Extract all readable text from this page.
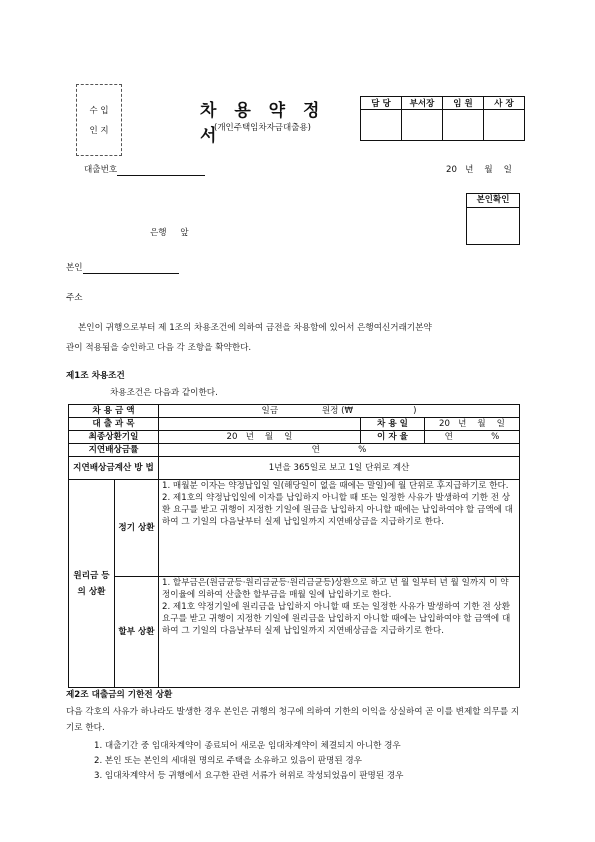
수 입
인 지
차 용 약 정 서
(개인주택임차자금대출용)
담 당	부서장	임 원	사 장

대출번호	20   년    월    일
본인확인
은행     앞
본인
주소
본인이 귀행으로부터 제 1조의 차용조건에 의하여 금전을 차용함에 있어서 은행여신거래기본약
관이 적용됨을 승인하고 다음 각 조항을 확약한다.
제1조 차용조건
차용조건은 다음과 같이한다.
차 용 금 액		일금                원정 (₩                      )		
대 출 과 목			차 용 일	20   년    월    일
최종상환기일		20   년    월    일	이 자 율	연              %
지연배상금률		연              %		
지연배상금계산 방 법		1년을 365일로 보고 1일 단위로 계산		
원리금 등의 상환	정기 상환	1. 매월분 이자는 약정납입일 일(해당일이 없을 때에는 말일)에 월 단위로 후지급하기로 한다.
2. 제1호의 약정납입일에 이자를 납입하지 아니할 때 또는 일정한 사유가 발생하여 기한 전 상환 요구를 받고 귀행이 지정한 기일에 원금을 납입하지 아니할 때에는 납입하여야 할 금액에 대하여 그 기일의 다음날부터 실제 납입일까지 지연배상금을 지급하기로 한다.		

	할부 상환	1. 할부금은(원금균등·원리금균등·원리금균등)상환으로 하고 년 월 일부터 년 월 일까지 이 약정이율에 의하여 산출한 할부금을 매월 일에 납입하기로 한다.
2. 제1호 약정기일에 원리금을 납입하지 아니할 때 또는 일정한 사유가 발생하여 기한 전 상환 요구를 받고 귀행이 지정한 기일에 원리금을 납입하지 아니할 때에는 납입하여야 할 금액에 대하여 그 기일의 다음날부터 실제 납입일까지 지연배상금을 지급하기로 한다.		
제2조 대출금의 기한전 상환
다음 각호의 사유가 하나라도 발생한 경우 본인은 귀행의 청구에 의하여 기한의 이익을 상실하여 곧 이를 변제할 의무를 지기로 한다.
1. 대출기간 중 임대차계약이 종료되어 새로운 임대차계약이 체결되지 아니한 경우
2. 본인 또는 본인의 세대원 명의로 주택을 소유하고 있음이 판명된 경우
3. 임대차계약서 등 귀행에서 요구한 관련 서류가 허위로 작성되었음이 판명된 경우
